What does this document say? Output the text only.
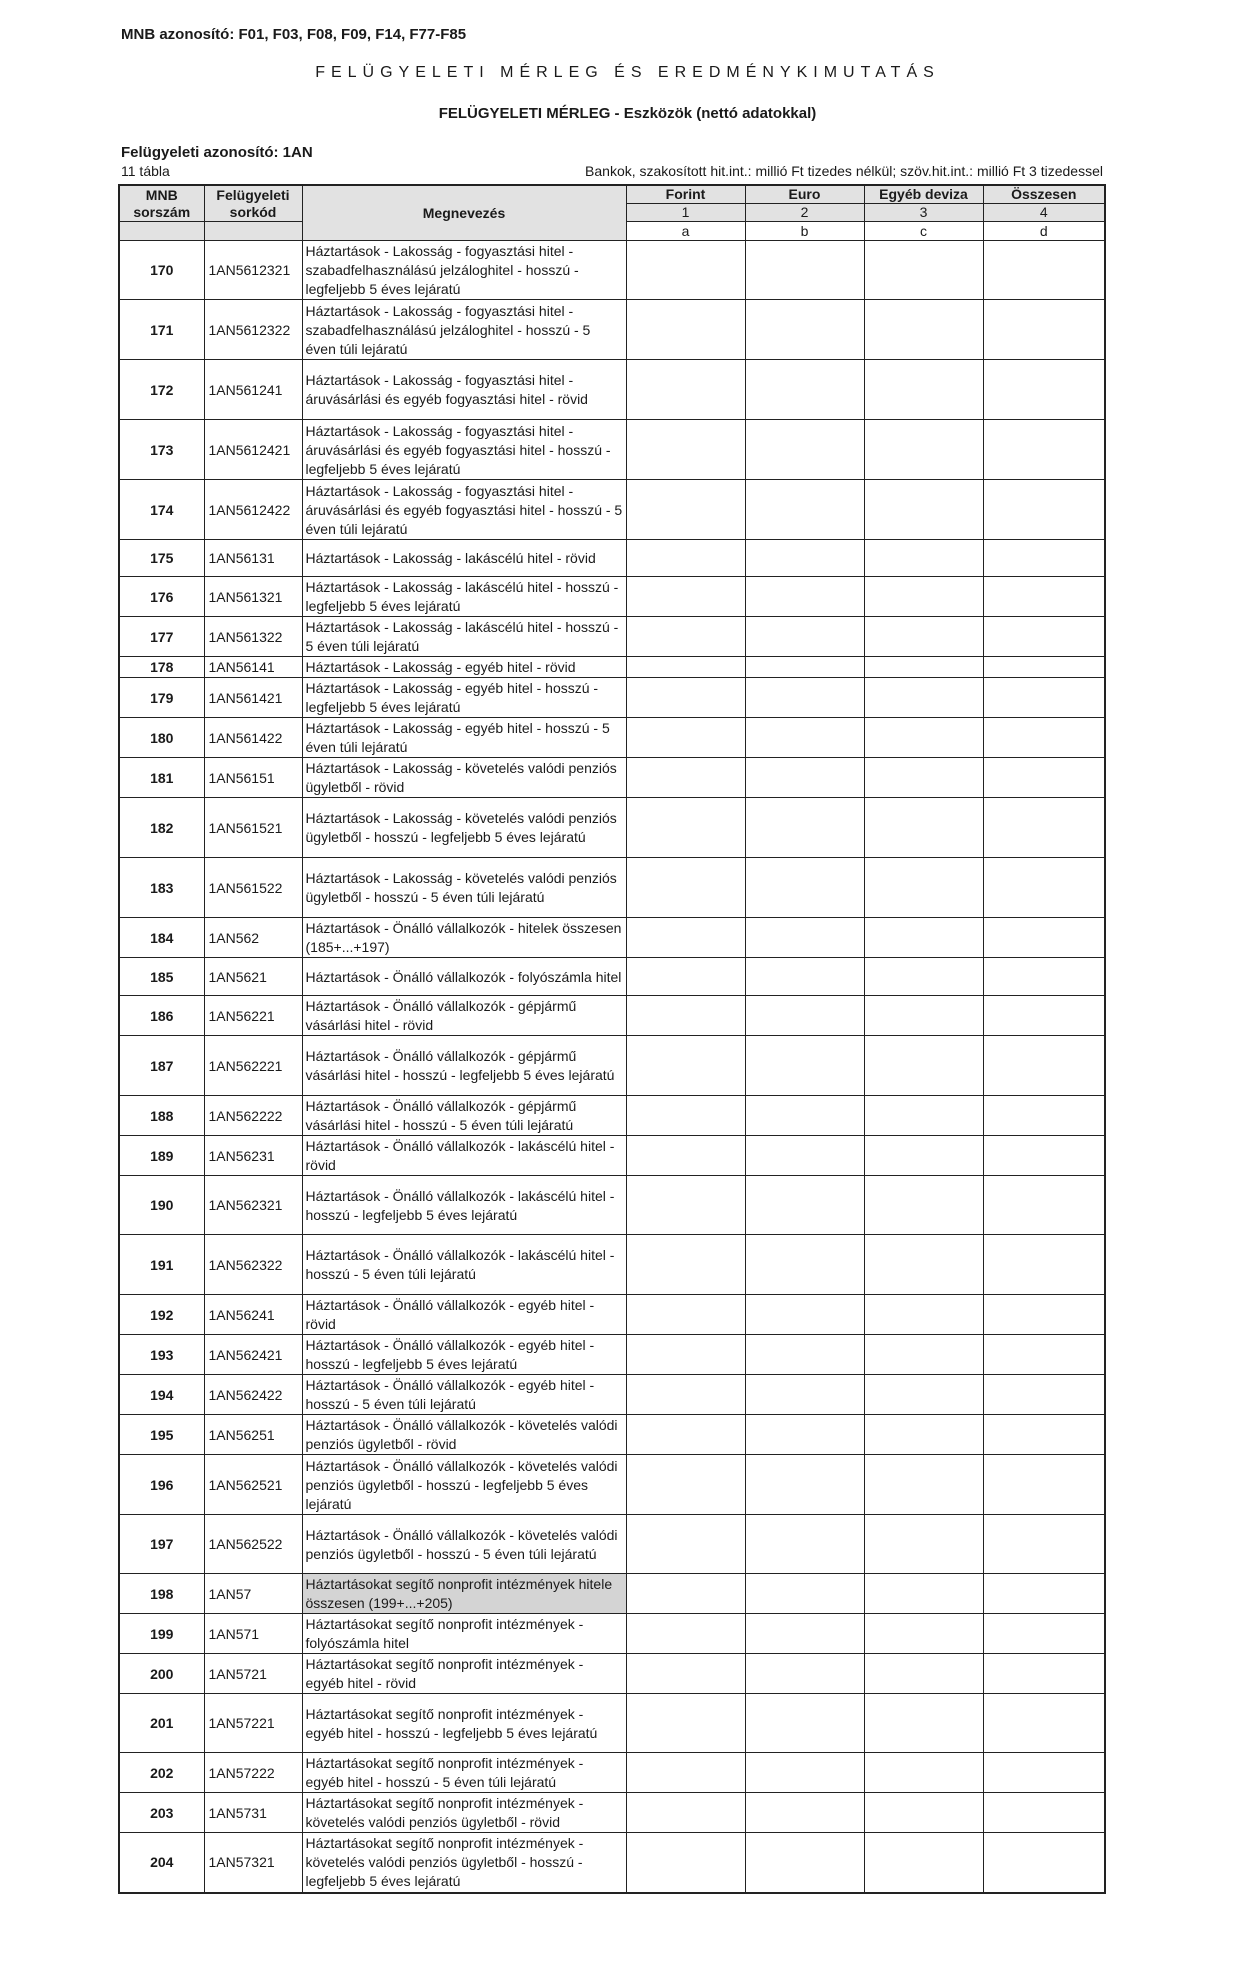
MNB azonosító: F01, F03, F08, F09, F14, F77-F85
FELÜGYELETI MÉRLEG ÉS EREDMÉNYKIMUTATÁS
FELÜGYELETI MÉRLEG - Eszközök (nettó adatokkal)
Felügyeleti azonosító: 1AN
11 tábla	Bankok, szakosított hit.int.: millió Ft tizedes nélkül; szöv.hit.int.: millió Ft 3 tizedessel
MNB sorszám	Felügyeleti sorkód	Megnevezés	Forint	Euro	Egyéb deviza	Összesen
			1	2	3	4
			a	b	c	d
170	1AN5612321	Háztartások - Lakosság - fogyasztási hitel - szabadfelhasználású jelzáloghitel - hosszú - legfeljebb 5 éves lejáratú				
171	1AN5612322	Háztartások - Lakosság - fogyasztási hitel - szabadfelhasználású jelzáloghitel - hosszú - 5 éven túli lejáratú				
172	1AN561241	Háztartások - Lakosság - fogyasztási hitel - áruvásárlási és egyéb fogyasztási hitel - rövid				
173	1AN5612421	Háztartások - Lakosság - fogyasztási hitel - áruvásárlási és egyéb fogyasztási hitel - hosszú - legfeljebb 5 éves lejáratú				
174	1AN5612422	Háztartások - Lakosság - fogyasztási hitel - áruvásárlási és egyéb fogyasztási hitel - hosszú - 5 éven túli lejáratú				
175	1AN56131	Háztartások - Lakosság - lakáscélú hitel - rövid				
176	1AN561321	Háztartások - Lakosság - lakáscélú hitel - hosszú - legfeljebb 5 éves lejáratú				
177	1AN561322	Háztartások - Lakosság - lakáscélú hitel - hosszú - 5 éven túli lejáratú				
178	1AN56141	Háztartások - Lakosság - egyéb hitel - rövid				
179	1AN561421	Háztartások - Lakosság - egyéb hitel - hosszú - legfeljebb 5 éves lejáratú				
180	1AN561422	Háztartások - Lakosság - egyéb hitel - hosszú - 5 éven túli lejáratú				
181	1AN56151	Háztartások - Lakosság - követelés valódi penziós ügyletből - rövid				
182	1AN561521	Háztartások - Lakosság - követelés valódi penziós ügyletből - hosszú - legfeljebb 5 éves lejáratú				
183	1AN561522	Háztartások - Lakosság - követelés valódi penziós ügyletből - hosszú - 5 éven túli lejáratú				
184	1AN562	Háztartások - Önálló vállalkozók - hitelek összesen (185+...+197)				
185	1AN5621	Háztartások - Önálló vállalkozók - folyószámla hitel				
186	1AN56221	Háztartások - Önálló vállalkozók - gépjármű vásárlási hitel - rövid				
187	1AN562221	Háztartások - Önálló vállalkozók - gépjármű vásárlási hitel - hosszú - legfeljebb 5 éves lejáratú				
188	1AN562222	Háztartások - Önálló vállalkozók - gépjármű vásárlási hitel - hosszú - 5 éven túli lejáratú				
189	1AN56231	Háztartások - Önálló vállalkozók - lakáscélú hitel - rövid				
190	1AN562321	Háztartások - Önálló vállalkozók - lakáscélú hitel - hosszú - legfeljebb 5 éves lejáratú				
191	1AN562322	Háztartások - Önálló vállalkozók - lakáscélú hitel - hosszú - 5 éven túli lejáratú				
192	1AN56241	Háztartások - Önálló vállalkozók - egyéb hitel - rövid				
193	1AN562421	Háztartások - Önálló vállalkozók - egyéb hitel - hosszú - legfeljebb 5 éves lejáratú				
194	1AN562422	Háztartások - Önálló vállalkozók - egyéb hitel - hosszú - 5 éven túli lejáratú				
195	1AN56251	Háztartások - Önálló vállalkozók - követelés valódi penziós ügyletből - rövid				
196	1AN562521	Háztartások - Önálló vállalkozók - követelés valódi penziós ügyletből - hosszú - legfeljebb 5 éves lejáratú				
197	1AN562522	Háztartások - Önálló vállalkozók - követelés valódi penziós ügyletből - hosszú - 5 éven túli lejáratú				
198	1AN57	Háztartásokat segítő nonprofit intézmények hitele összesen (199+...+205)				
199	1AN571	Háztartásokat segítő nonprofit intézmények - folyószámla hitel				
200	1AN5721	Háztartásokat segítő nonprofit intézmények - egyéb hitel - rövid				
201	1AN57221	Háztartásokat segítő nonprofit intézmények - egyéb hitel - hosszú - legfeljebb 5 éves lejáratú				
202	1AN57222	Háztartásokat segítő nonprofit intézmények - egyéb hitel - hosszú - 5 éven túli lejáratú				
203	1AN5731	Háztartásokat segítő nonprofit intézmények - követelés valódi penziós ügyletből - rövid				
204	1AN57321	Háztartásokat segítő nonprofit intézmények - követelés valódi penziós ügyletből - hosszú - legfeljebb 5 éves lejáratú				
